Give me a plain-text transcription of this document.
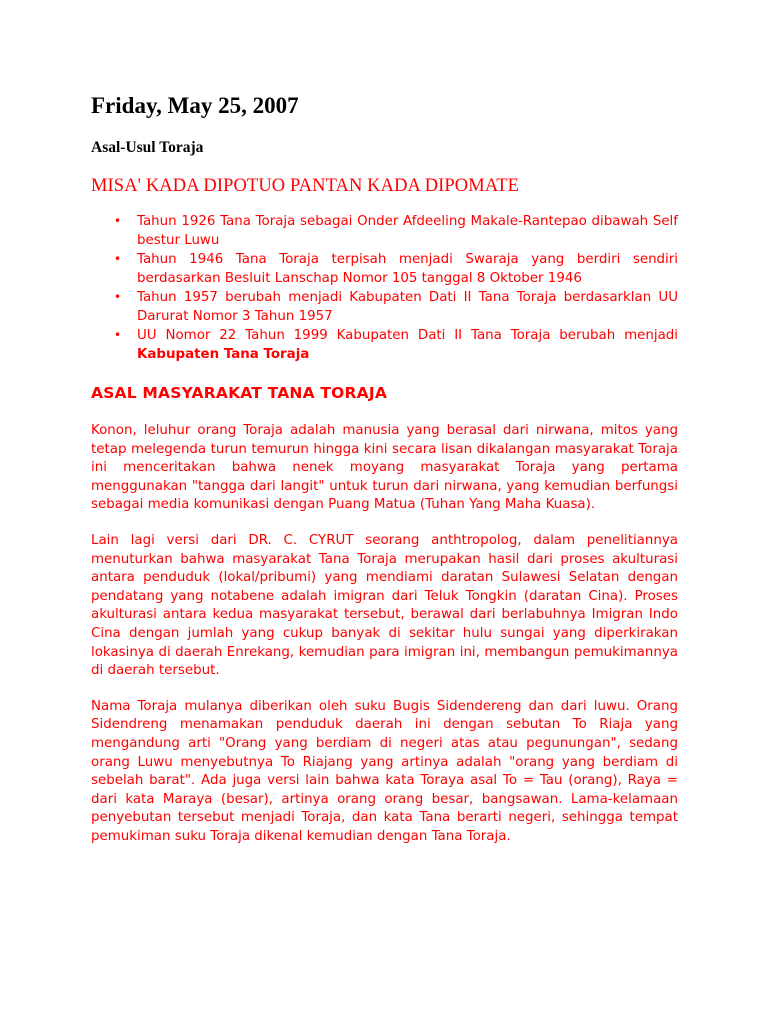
Friday, May 25, 2007
Asal-Usul Toraja
MISA' KADA DIPOTUO PANTAN KADA DIPOMATE
• Tahun 1926 Tana Toraja sebagai Onder Afdeeling Makale-Rantepao dibawah Self bestur Luwu
• Tahun 1946 Tana Toraja terpisah menjadi Swaraja yang berdiri sendiri berdasarkan Besluit Lanschap Nomor 105 tanggal 8 Oktober 1946
• Tahun 1957 berubah menjadi Kabupaten Dati II Tana Toraja berdasarklan UU Darurat Nomor 3 Tahun 1957
• UU Nomor 22 Tahun 1999 Kabupaten Dati II Tana Toraja berubah menjadi Kabupaten Tana Toraja
ASAL MASYARAKAT TANA TORAJA

Konon, leluhur orang Toraja adalah manusia yang berasal dari nirwana, mitos yang tetap melegenda turun temurun hingga kini secara lisan dikalangan masyarakat Toraja ini menceritakan bahwa nenek moyang masyarakat Toraja yang pertama menggunakan "tangga dari langit" untuk turun dari nirwana, yang kemudian berfungsi sebagai media komunikasi dengan Puang Matua (Tuhan Yang Maha Kuasa).

Lain lagi versi dari DR. C. CYRUT seorang anthtropolog, dalam penelitiannya menuturkan bahwa masyarakat Tana Toraja merupakan hasil dari proses akulturasi antara penduduk (lokal/pribumi) yang mendiami daratan Sulawesi Selatan dengan pendatang yang notabene adalah imigran dari Teluk Tongkin (daratan Cina). Proses akulturasi antara kedua masyarakat tersebut, berawal dari berlabuhnya Imigran Indo Cina dengan jumlah yang cukup banyak di sekitar hulu sungai yang diperkirakan lokasinya di daerah Enrekang, kemudian para imigran ini, membangun pemukimannya di daerah tersebut.

Nama Toraja mulanya diberikan oleh suku Bugis Sidendereng dan dari luwu. Orang Sidendreng menamakan penduduk daerah ini dengan sebutan To Riaja yang mengandung arti "Orang yang berdiam di negeri atas atau pegunungan", sedang orang Luwu menyebutnya To Riajang yang artinya adalah "orang yang berdiam di sebelah barat". Ada juga versi lain bahwa kata Toraya asal To = Tau (orang), Raya = dari kata Maraya (besar), artinya orang orang besar, bangsawan. Lama-kelamaan penyebutan tersebut menjadi Toraja, dan kata Tana berarti negeri, sehingga tempat pemukiman suku Toraja dikenal kemudian dengan Tana Toraja.
